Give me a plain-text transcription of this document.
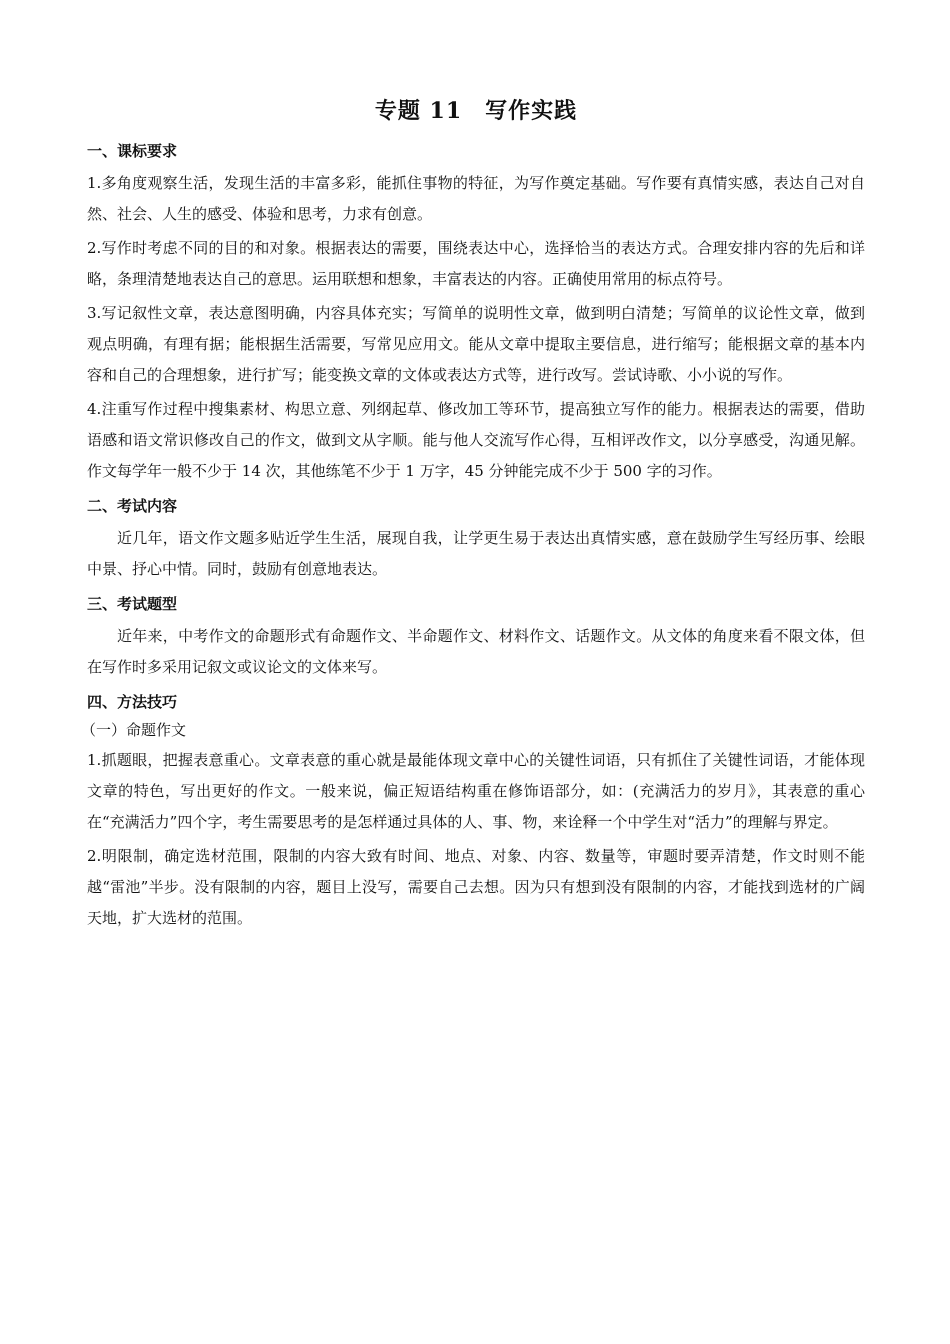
专题 11　写作实践
一、课标要求

1.多角度观察生活，发现生活的丰富多彩，能抓住事物的特征，为写作奠定基础。写作要有真情实感，表达自己对自然、社会、人生的感受、体验和思考，力求有创意。

2.写作时考虑不同的目的和对象。根据表达的需要，围绕表达中心，选择恰当的表达方式。合理安排内容的先后和详略，条理清楚地表达自己的意思。运用联想和想象，丰富表达的内容。正确使用常用的标点符号。

3.写记叙性文章，表达意图明确，内容具体充实；写简单的说明性文章，做到明白清楚；写简单的议论性文章，做到观点明确，有理有据；能根据生活需要，写常见应用文。能从文章中提取主要信息，进行缩写；能根据文章的基本内容和自己的合理想象，进行扩写；能变换文章的文体或表达方式等，进行改写。尝试诗歌、小小说的写作。

4.注重写作过程中搜集素材、构思立意、列纲起草、修改加工等环节，提高独立写作的能力。根据表达的需要，借助语感和语文常识修改自己的作文，做到文从字顺。能与他人交流写作心得，互相评改作文，以分享感受，沟通见解。作文每学年一般不少于 14 次，其他练笔不少于 1 万字，45 分钟能完成不少于 500 字的习作。

二、考试内容

近几年，语文作文题多贴近学生生活，展现自我，让学更生易于表达出真情实感，意在鼓励学生写经历事、绘眼中景、抒心中情。同时，鼓励有创意地表达。

三、考试题型

近年来，中考作文的命题形式有命题作文、半命题作文、材料作文、话题作文。从文体的角度来看不限文体，但在写作时多采用记叙文或议论文的文体来写。

四、方法技巧
（一）命题作文

1.抓题眼，把握表意重心。文章表意的重心就是最能体现文章中心的关键性词语，只有抓住了关键性词语，才能体现文章的特色，写出更好的作文。一般来说，偏正短语结构重在修饰语部分，如：(充满活力的岁月》，其表意的重心在“充满活力”四个字，考生需要思考的是怎样通过具体的人、事、物，来诠释一个中学生对“活力”的理解与界定。

2.明限制，确定选材范围，限制的内容大致有时间、地点、对象、内容、数量等，审题时要弄清楚，作文时则不能越“雷池”半步。没有限制的内容，题目上没写，需要自己去想。因为只有想到没有限制的内容，才能找到选材的广阔天地，扩大选材的范围。
